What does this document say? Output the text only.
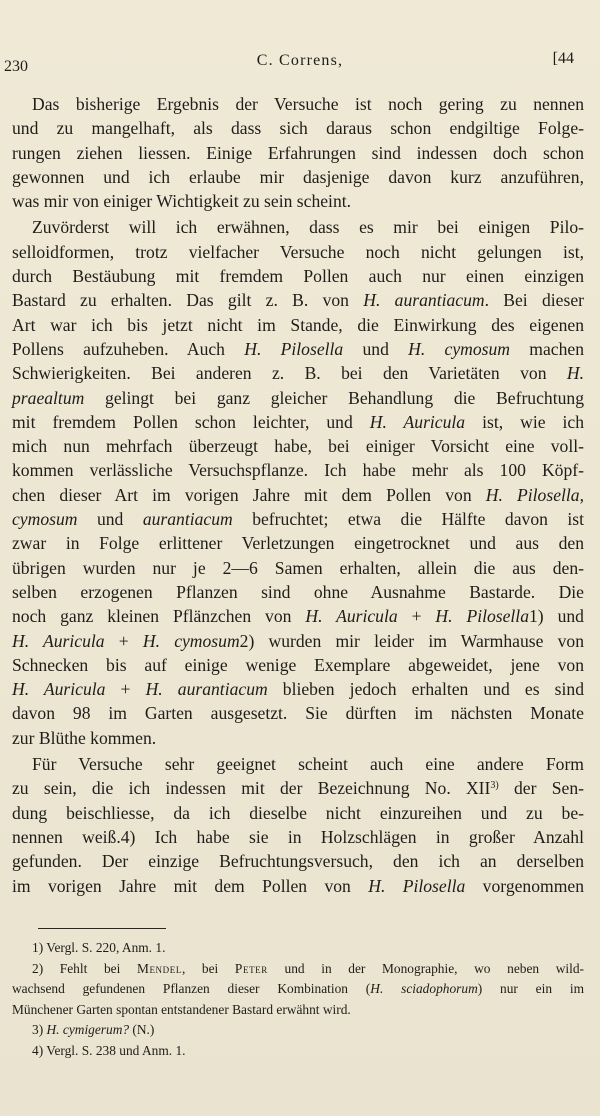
230	C. Correns,	[44
Das bisherige Ergebnis der Versuche ist noch gering zu nennen
und zu mangelhaft, als dass sich daraus schon endgiltige Folge-
rungen ziehen liessen. Einige Erfahrungen sind indessen doch schon
gewonnen und ich erlaube mir dasjenige davon kurz anzuführen,
was mir von einiger Wichtigkeit zu sein scheint.
Zuvörderst will ich erwähnen, dass es mir bei einigen Pilo-
selloidformen, trotz vielfacher Versuche noch nicht gelungen ist,
durch Bestäubung mit fremdem Pollen auch nur einen einzigen
Bastard zu erhalten. Das gilt z. B. von H. aurantiacum. Bei dieser
Art war ich bis jetzt nicht im Stande, die Einwirkung des eigenen
Pollens aufzuheben. Auch H. Pilosella und H. cymosum machen
Schwierigkeiten. Bei anderen z. B. bei den Varietäten von H.
praealtum gelingt bei ganz gleicher Behandlung die Befruchtung
mit fremdem Pollen schon leichter, und H. Auricula ist, wie ich
mich nun mehrfach überzeugt habe, bei einiger Vorsicht eine voll-
kommen verlässliche Versuchspflanze. Ich habe mehr als 100 Köpf-
chen dieser Art im vorigen Jahre mit dem Pollen von H. Pilosella,
cymosum und aurantiacum befruchtet; etwa die Hälfte davon ist
zwar in Folge erlittener Verletzungen eingetrocknet und aus den
übrigen wurden nur je 2—6 Samen erhalten, allein die aus den-
selben erzogenen Pflanzen sind ohne Ausnahme Bastarde. Die
noch ganz kleinen Pflänzchen von H. Auricula + H. Pilosella1) und
H. Auricula + H. cymosum2) wurden mir leider im Warmhause von
Schnecken bis auf einige wenige Exemplare abgeweidet, jene von
H. Auricula + H. aurantiacum blieben jedoch erhalten und es sind
davon 98 im Garten ausgesetzt. Sie dürften im nächsten Monate
zur Blüthe kommen.
Für Versuche sehr geeignet scheint auch eine andere Form
zu sein, die ich indessen mit der Bezeichnung No. XII$^{3)}$ der Sen-
dung beischliesse, da ich dieselbe nicht einzureihen und zu be-
nennen weiß.4) Ich habe sie in Holzschlägen in großer Anzahl
gefunden. Der einzige Befruchtungsversuch, den ich an derselben
im vorigen Jahre mit dem Pollen von H. Pilosella vorgenommen
1) Vergl. S. 220, Anm. 1.
2) Fehlt bei Mendel, bei Peter und in der Monographie, wo neben wild-
wachsend gefundenen Pflanzen dieser Kombination (H. sciadophorum) nur ein im
Münchener Garten spontan entstandener Bastard erwähnt wird.
3) H. cymigerum? (N.)
4) Vergl. S. 238 und Anm. 1.
